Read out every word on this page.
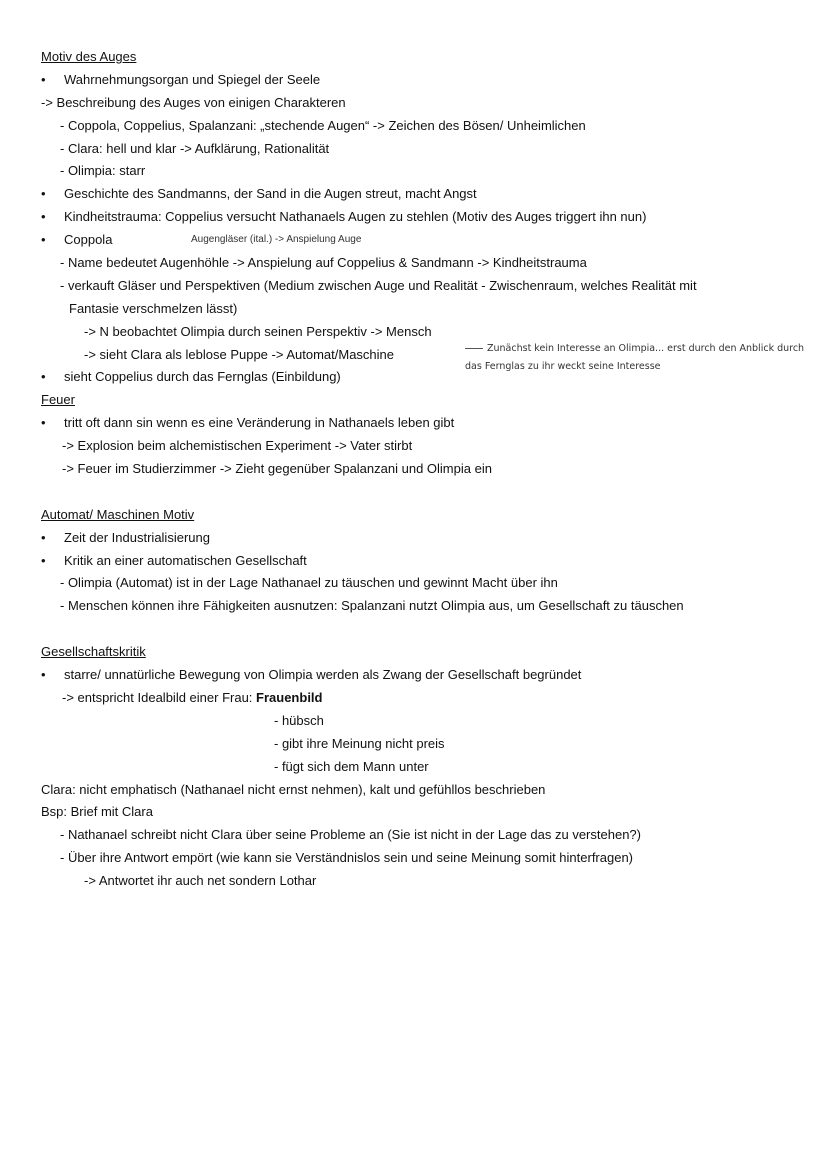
Motiv des Auges
• Wahrnehmungsorgan und Spiegel der Seele
-> Beschreibung des Auges von einigen Charakteren
- Coppola, Coppelius, Spalanzani: „stechende Augen“ -> Zeichen des Bösen/ Unheimlichen
- Clara: hell und klar -> Aufklärung, Rationalität
- Olimpia: starr
• Geschichte des Sandmanns, der Sand in die Augen streut, macht Angst
• Kindheitstrauma: Coppelius versucht Nathanaels Augen zu stehlen (Motiv des Auges triggert ihn nun)
• Coppola	Augengläser (ital.) -> Anspielung Auge
- Name bedeutet Augenhöhle -> Anspielung auf Coppelius & Sandmann -> Kindheitstrauma
- verkauft Gläser und Perspektiven (Medium zwischen Auge und Realität - Zwischenraum, welches Realität mit
Fantasie verschmelzen lässt)
-> N beobachtet Olimpia durch seinen Perspektiv -> Mensch
-> sieht Clara als leblose Puppe -> Automat/Maschine
• sieht Coppelius durch das Fernglas (Einbildung)
Feuer
• tritt oft dann sin wenn es eine Veränderung in Nathanaels leben gibt
-> Explosion beim alchemistischen Experiment -> Vater stirbt
-> Feuer im Studierzimmer -> Zieht gegenüber Spalanzani und Olimpia ein
Automat/ Maschinen Motiv
• Zeit der Industrialisierung
• Kritik an einer automatischen Gesellschaft
- Olimpia (Automat) ist in der Lage Nathanael zu täuschen und gewinnt Macht über ihn
- Menschen können ihre Fähigkeiten ausnutzen: Spalanzani nutzt Olimpia aus, um Gesellschaft zu täuschen
Gesellschaftskritik
• starre/ unnatürliche Bewegung von Olimpia werden als Zwang der Gesellschaft begründet
-> entspricht Idealbild einer Frau: Frauenbild
- hübsch
- gibt ihre Meinung nicht preis
- fügt sich dem Mann unter
Clara: nicht emphatisch (Nathanael nicht ernst nehmen), kalt und gefühllos beschrieben
Bsp: Brief mit Clara
- Nathanael schreibt nicht Clara über seine Probleme an (Sie ist nicht in der Lage das zu verstehen?)
- Über ihre Antwort empört (wie kann sie Verständnislos sein und seine Meinung somit hinterfragen)
-> Antwortet ihr auch net sondern Lothar
Zunächst kein Interesse an Olimpia... erst durch den Anblick durch das Fernglas zu ihr weckt seine Interesse
